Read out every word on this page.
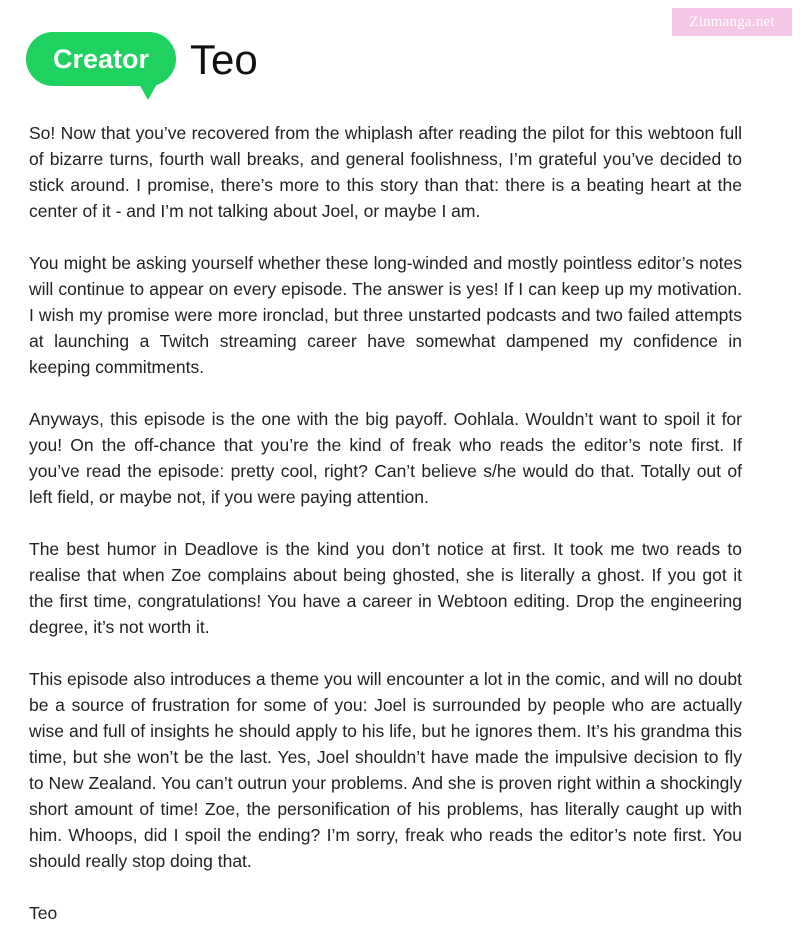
Zinmanga.net
Creator Teo

So! Now that you’ve recovered from the whiplash after reading the pilot for this webtoon full of bizarre turns, fourth wall breaks, and general foolishness, I’m grateful you’ve decided to stick around. I promise, there’s more to this story than that: there is a beating heart at the center of it - and I’m not talking about Joel, or maybe I am.

You might be asking yourself whether these long-winded and mostly pointless editor’s notes will continue to appear on every episode. The answer is yes! If I can keep up my motivation. I wish my promise were more ironclad, but three unstarted podcasts and two failed attempts at launching a Twitch streaming career have somewhat dampened my confidence in keeping commitments.

Anyways, this episode is the one with the big payoff. Oohlala. Wouldn’t want to spoil it for you! On the off-chance that you’re the kind of freak who reads the editor’s note first. If you’ve read the episode: pretty cool, right? Can’t believe s/he would do that. Totally out of left field, or maybe not, if you were paying attention.

The best humor in Deadlove is the kind you don’t notice at first. It took me two reads to realise that when Zoe complains about being ghosted, she is literally a ghost. If you got it the first time, congratulations! You have a career in Webtoon editing. Drop the engineering degree, it’s not worth it.

This episode also introduces a theme you will encounter a lot in the comic, and will no doubt be a source of frustration for some of you: Joel is surrounded by people who are actually wise and full of insights he should apply to his life, but he ignores them. It’s his grandma this time, but she won’t be the last. Yes, Joel shouldn’t have made the impulsive decision to fly to New Zealand. You can’t outrun your problems. And she is proven right within a shockingly short amount of time! Zoe, the personification of his problems, has literally caught up with him. Whoops, did I spoil the ending? I’m sorry, freak who reads the editor’s note first. You should really stop doing that.

Teo
